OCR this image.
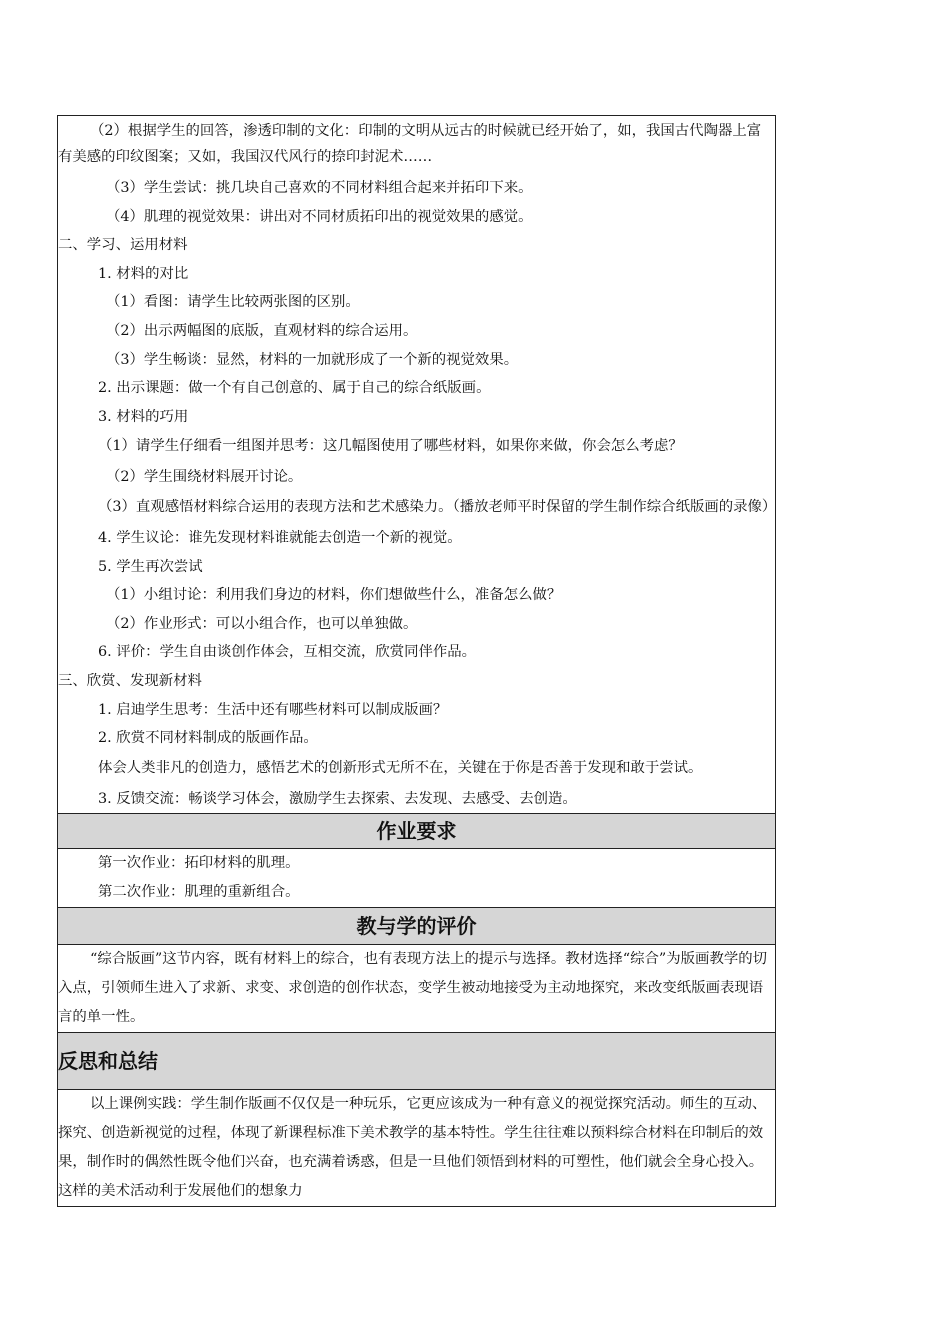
（2）根据学生的回答，渗透印制的文化：印制的文明从远古的时候就已经开始了，如，我国古代陶器上富有美感的印纹图案；又如，我国汉代风行的捺印封泥术……

（3）学生尝试：挑几块自己喜欢的不同材料组合起来并拓印下来。

（4）肌理的视觉效果：讲出对不同材质拓印出的视觉效果的感觉。

二、学习、运用材料

1. 材料的对比

（1）看图：请学生比较两张图的区别。

（2）出示两幅图的底版，直观材料的综合运用。

（3）学生畅谈：显然，材料的一加就形成了一个新的视觉效果。

2. 出示课题：做一个有自己创意的、属于自己的综合纸版画。

3. 材料的巧用

（1）请学生仔细看一组图并思考：这几幅图使用了哪些材料，如果你来做，你会怎么考虑？

（2）学生围绕材料展开讨论。

（3）直观感悟材料综合运用的表现方法和艺术感染力。（播放老师平时保留的学生制作综合纸版画的录像）

4. 学生议论：谁先发现材料谁就能去创造一个新的视觉。

5. 学生再次尝试

（1）小组讨论：利用我们身边的材料，你们想做些什么，准备怎么做？

（2）作业形式：可以小组合作，也可以单独做。

6. 评价：学生自由谈创作体会，互相交流，欣赏同伴作品。

三、欣赏、发现新材料

1. 启迪学生思考：生活中还有哪些材料可以制成版画？

2. 欣赏不同材料制成的版画作品。

体会人类非凡的创造力，感悟艺术的创新形式无所不在，关键在于你是否善于发现和敢于尝试。

3. 反馈交流：畅谈学习体会，激励学生去探索、去发现、去感受、去创造。

作业要求

第一次作业：拓印材料的肌理。

第二次作业：肌理的重新组合。

教与学的评价

“综合版画”这节内容，既有材料上的综合，也有表现方法上的提示与选择。教材选择“综合”为版画教学的切入点，引领师生进入了求新、求变、求创造的创作状态，变学生被动地接受为主动地探究，来改变纸版画表现语言的单一性。

反思和总结

以上课例实践：学生制作版画不仅仅是一种玩乐，它更应该成为一种有意义的视觉探究活动。师生的互动、探究、创造新视觉的过程，体现了新课程标准下美术教学的基本特性。学生往往难以预料综合材料在印制后的效果，制作时的偶然性既令他们兴奋，也充满着诱惑，但是一旦他们领悟到材料的可塑性，他们就会全身心投入。这样的美术活动利于发展他们的想象力
